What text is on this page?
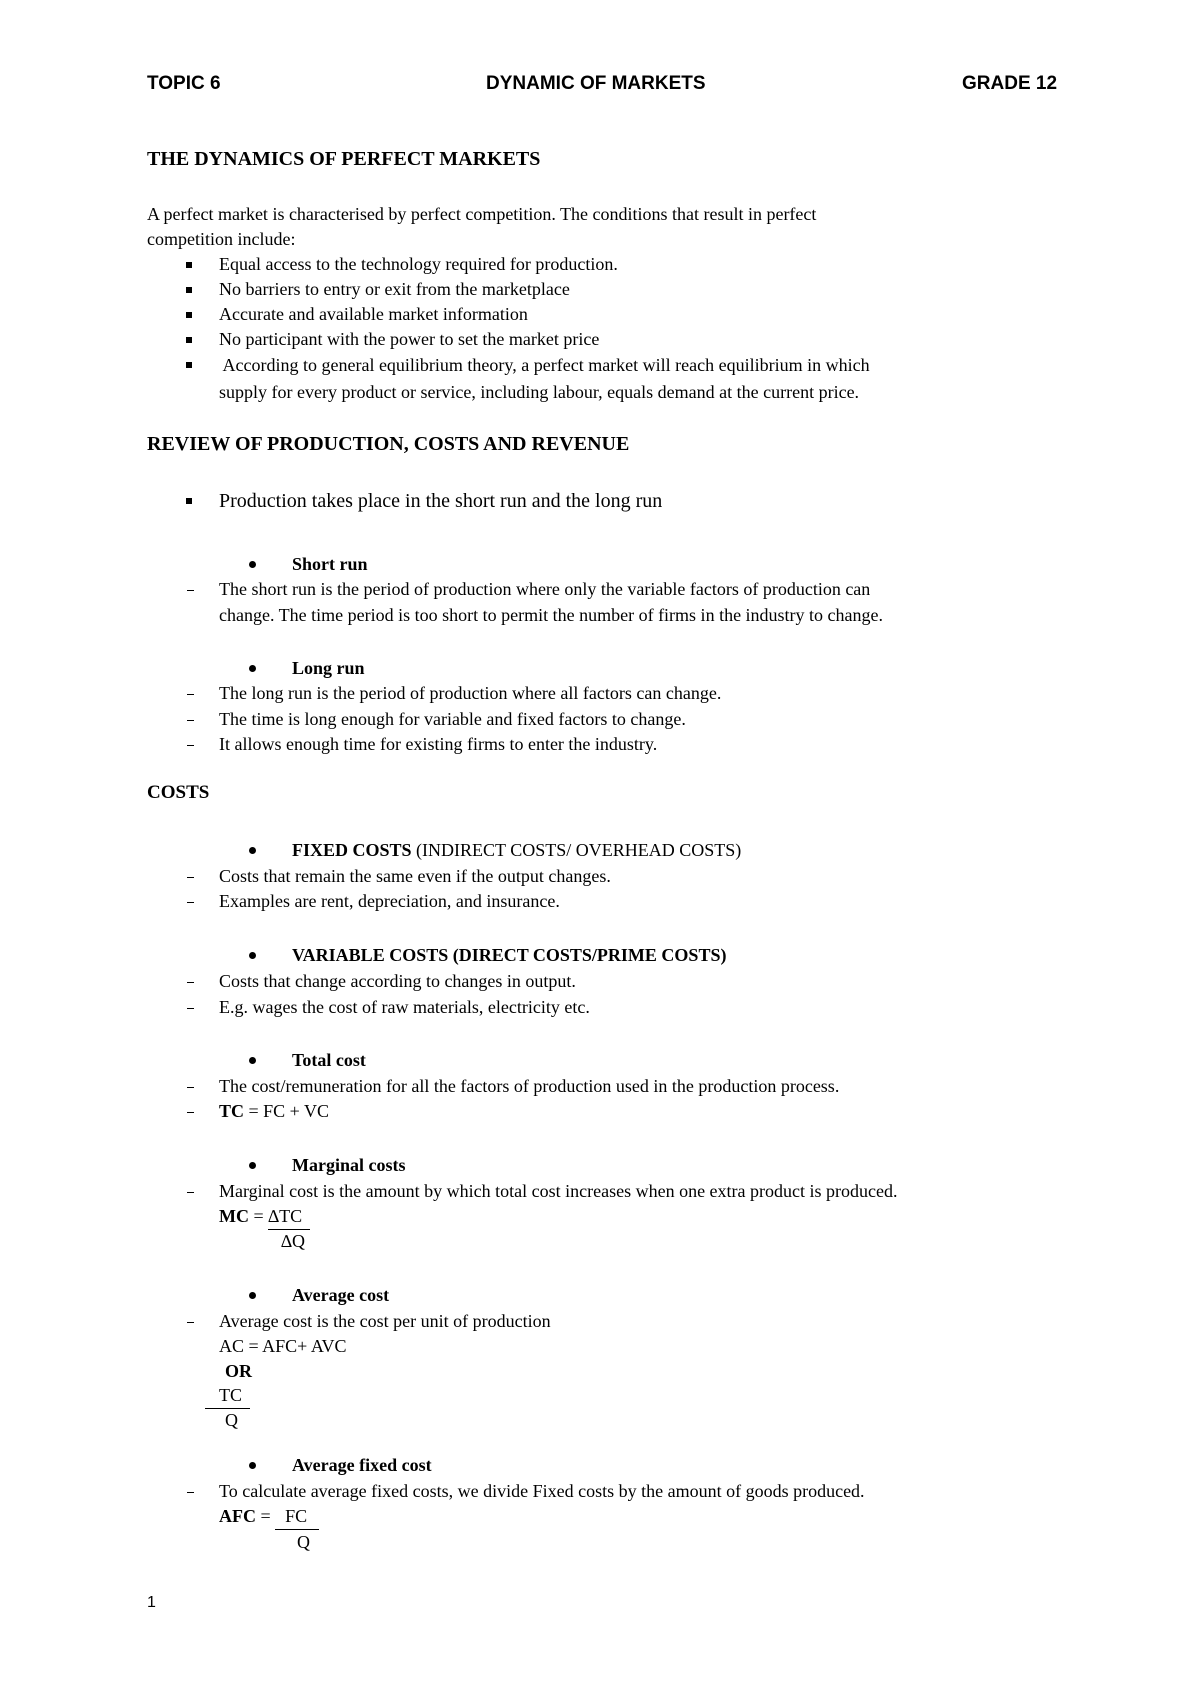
TOPIC 6	DYNAMIC OF MARKETS	GRADE 12
THE DYNAMICS OF PERFECT MARKETS
A perfect market is characterised by perfect competition. The conditions that result in perfect
competition include:
Equal access to the technology required for production.
No barriers to entry or exit from the marketplace
Accurate and available market information
No participant with the power to set the market price
According to general equilibrium theory, a perfect market will reach equilibrium in which
supply for every product or service, including labour, equals demand at the current price.
REVIEW OF PRODUCTION, COSTS AND REVENUE
Production takes place in the short run and the long run
Short run
The short run is the period of production where only the variable factors of production can
change. The time period is too short to permit the number of firms in the industry to change.
Long run
The long run is the period of production where all factors can change.
The time is long enough for variable and fixed factors to change.
It allows enough time for existing firms to enter the industry.
COSTS
FIXED COSTS (INDIRECT COSTS/ OVERHEAD COSTS)
Costs that remain the same even if the output changes.
Examples are rent, depreciation, and insurance.
VARIABLE COSTS (DIRECT COSTS/PRIME COSTS)
Costs that change according to changes in output.
E.g. wages the cost of raw materials, electricity etc.
Total cost
The cost/remuneration for all the factors of production used in the production process.
TC = FC + VC
Marginal costs
Marginal cost is the amount by which total cost increases when one extra product is produced.
MC = ∆TC
∆Q
Average cost
Average cost is the cost per unit of production
AC = AFC+ AVC
OR
TC
Q
Average fixed cost
To calculate average fixed costs, we divide Fixed costs by the amount of goods produced.
AFC = FC
Q
1
